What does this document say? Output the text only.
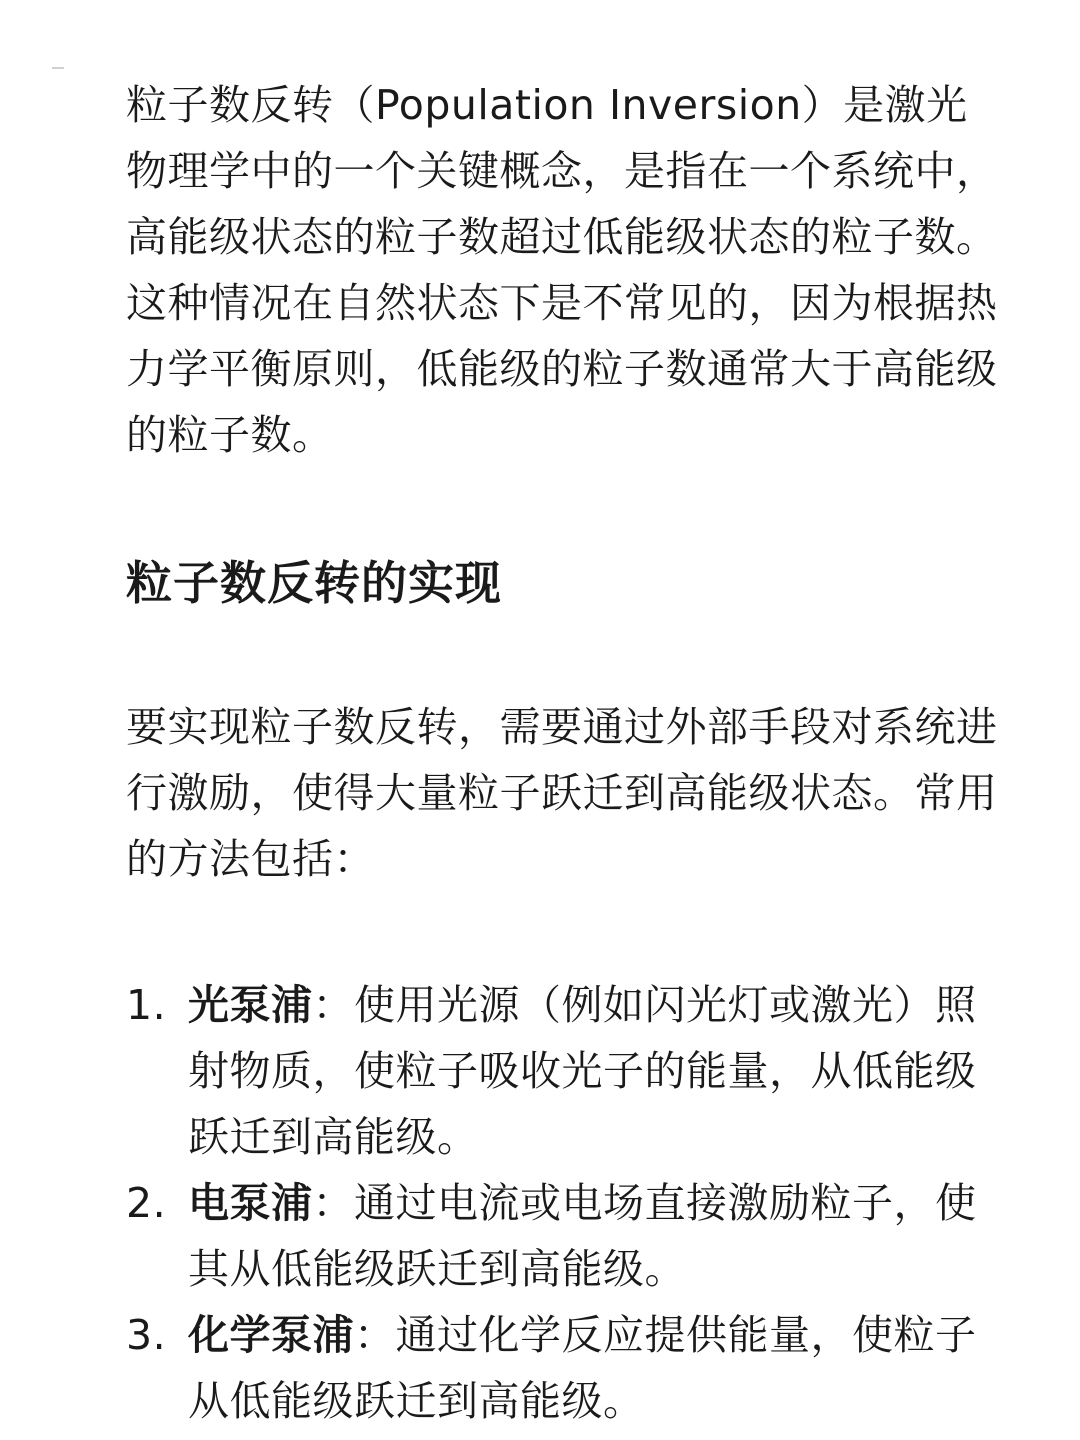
粒子数反转（Population Inversion）是激光物理学中的一个关键概念，是指在一个系统中，高能级状态的粒子数超过低能级状态的粒子数。这种情况在自然状态下是不常见的，因为根据热力学平衡原则，低能级的粒子数通常大于高能级的粒子数。

粒子数反转的实现

要实现粒子数反转，需要通过外部手段对系统进行激励，使得大量粒子跃迁到高能级状态。常用的方法包括：

1. 光泵浦：使用光源（例如闪光灯或激光）照射物质，使粒子吸收光子的能量，从低能级跃迁到高能级。
2. 电泵浦：通过电流或电场直接激励粒子，使其从低能级跃迁到高能级。
3. 化学泵浦：通过化学反应提供能量，使粒子从低能级跃迁到高能级。
